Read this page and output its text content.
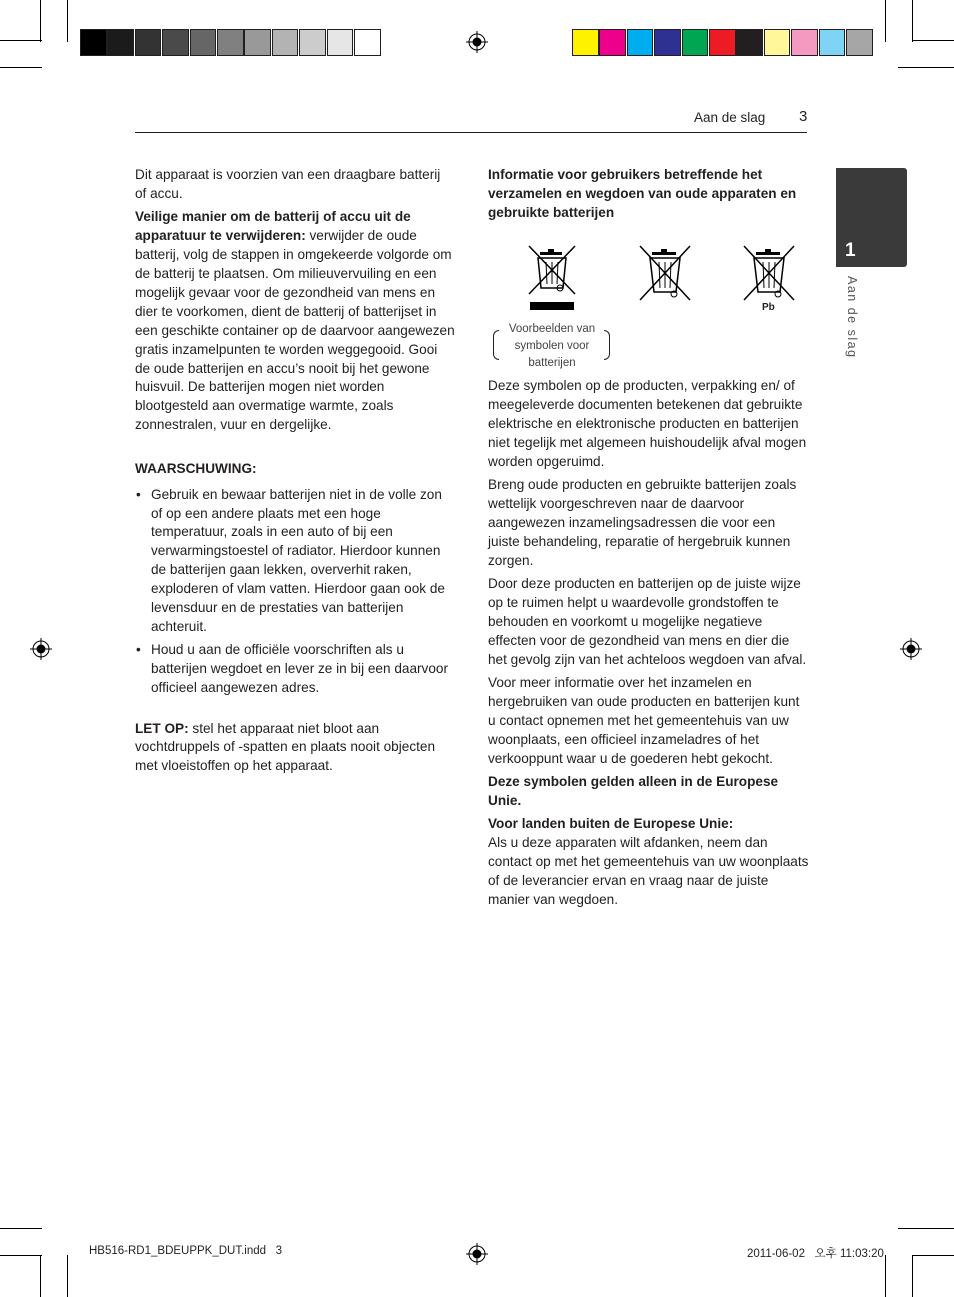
Aan de slag 3
1
Aan de slag

Dit apparaat is voorzien van een draagbare batterij of accu.

Veilige manier om de batterij of accu uit de apparatuur te verwijderen: verwijder de oude batterij, volg de stappen in omgekeerde volgorde om de batterij te plaatsen. Om milieuvervuiling en een mogelijk gevaar voor de gezondheid van mens en dier te voorkomen, dient de batterij of batterijset in een geschikte container op de daarvoor aangewezen gratis inzamelpunten te worden weggegooid. Gooi de oude batterijen en accu’s nooit bij het gewone huisvuil. De batterijen mogen niet worden blootgesteld aan overmatige warmte, zoals zonnestralen, vuur en dergelijke.

WAARSCHUWING:

• Gebruik en bewaar batterijen niet in de volle zon of op een andere plaats met een hoge temperatuur, zoals in een auto of bij een verwarmingstoestel of radiator. Hierdoor kunnen de batterijen gaan lekken, oververhit raken, exploderen of vlam vatten. Hierdoor gaan ook de levensduur en de prestaties van batterijen achteruit.
• Houd u aan de officiële voorschriften als u batterijen wegdoet en lever ze in bij een daarvoor officieel aangewezen adres.

LET OP: stel het apparaat niet bloot aan vochtdruppels of -spatten en plaats nooit objecten met vloeistoffen op het apparaat.

Informatie voor gebruikers betreffende het verzamelen en wegdoen van oude apparaten en gebruikte batterijen

Pb
Voorbeelden van symbolen voor batterijen

Deze symbolen op de producten, verpakking en/ of meegeleverde documenten betekenen dat gebruikte elektrische en elektronische producten en batterijen niet tegelijk met algemeen huishoudelijk afval mogen worden opgeruimd.

Breng oude producten en gebruikte batterijen zoals wettelijk voorgeschreven naar de daarvoor aangewezen inzamelingsadressen die voor een juiste behandeling, reparatie of hergebruik kunnen zorgen.

Door deze producten en batterijen op de juiste wijze op te ruimen helpt u waardevolle grondstoffen te behouden en voorkomt u mogelijke negatieve effecten voor de gezondheid van mens en dier die het gevolg zijn van het achteloos wegdoen van afval.

Voor meer informatie over het inzamelen en hergebruiken van oude producten en batterijen kunt u contact opnemen met het gemeentehuis van uw woonplaats, een officieel inzameladres of het verkooppunt waar u de goederen hebt gekocht.

Deze symbolen gelden alleen in de Europese Unie.

Voor landen buiten de Europese Unie:
Als u deze apparaten wilt afdanken, neem dan contact op met het gemeentehuis van uw woonplaats of de leverancier ervan en vraag naar de juiste manier van wegdoen.

HB516-RD1_BDEUPPK_DUT.indd   3	2011-06-02   오후 11:03:20
